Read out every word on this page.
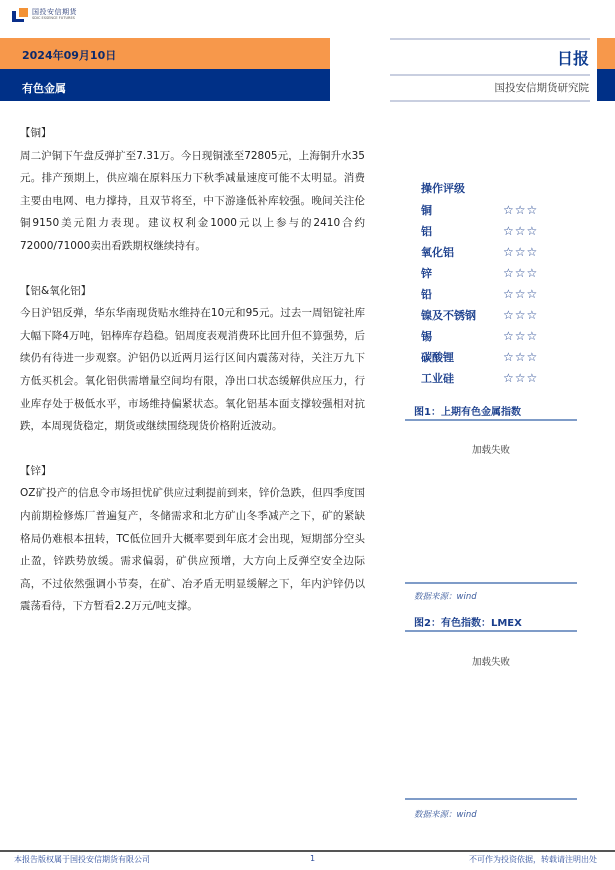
国投安信期货
SDIC ESSENCE FUTURES
2024年09月10日
有色金属
日报
国投安信期货研究院

【铜】

周二沪铜下午盘反弹扩至7.31万。今日现铜涨至72805元，上海铜升水35元。排产预期上，供应端在原料压力下秋季减量速度可能不太明显。消费主要由电网、电力撑持，且双节将至，中下游逢低补库较强。晚间关注伦铜9150美元阻力表现。建议权利金1000元以上参与的2410合约72000/71000卖出看跌期权继续持有。

【铝&氧化铝】

今日沪铝反弹，华东华南现货贴水维持在10元和95元。过去一周铝锭社库大幅下降4万吨，铝棒库存趋稳。铝周度表观消费环比回升但不算强势，后续仍有待进一步观察。沪铝仍以近两月运行区间内震荡对待，关注万九下方低买机会。氧化铝供需增量空间均有限，净出口状态缓解供应压力，行业库存处于极低水平，市场维持偏紧状态。氧化铝基本面支撑较强相对抗跌，本周现货稳定，期货或继续围绕现货价格附近波动。

【锌】

OZ矿投产的信息令市场担忧矿供应过剩提前到来，锌价急跌，但四季度国内前期检修炼厂普遍复产，冬储需求和北方矿山冬季减产之下，矿的紧缺格局仍难根本扭转，TC低位回升大概率要到年底才会出现，短期部分空头止盈，锌跌势放缓。需求偏弱，矿供应预增，大方向上反弹空安全边际高，不过依然强调小节奏，在矿、冶矛盾无明显缓解之下，年内沪锌仍以震荡看待，下方暂看2.2万元/吨支撑。

操作评级
铜	☆☆☆
铝	☆☆☆
氧化铝	☆☆☆
锌	☆☆☆
铅	☆☆☆
镍及不锈钢	☆☆☆
锡	☆☆☆
碳酸锂	☆☆☆
工业硅	☆☆☆
图1：上期有色金属指数
加载失败
数据来源：wind
图2：有色指数：LMEX
加载失败
数据来源：wind
本报告版权属于国投安信期货有限公司	1	不可作为投资依据，转载请注明出处
